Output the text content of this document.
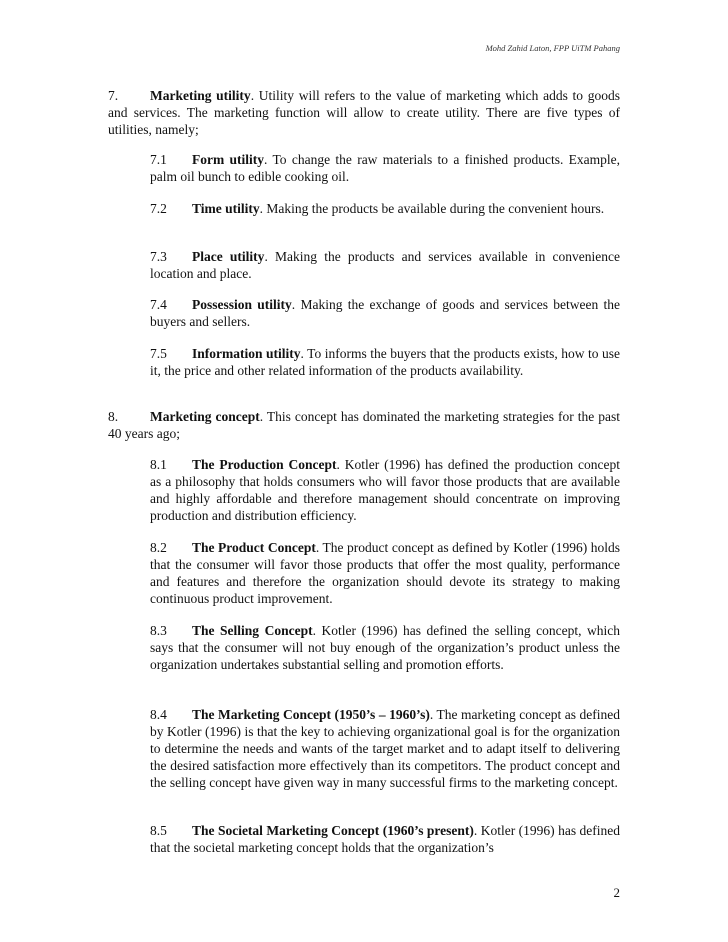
Mohd Zahid Laton, FPP UiTM Pahang
7. Marketing utility. Utility will refers to the value of marketing which adds to goods and services. The marketing function will allow to create utility. There are five types of utilities, namely;
7.1 Form utility. To change the raw materials to a finished products. Example, palm oil bunch to edible cooking oil.
7.2 Time utility. Making the products be available during the convenient hours.
7.3 Place utility. Making the products and services available in convenience location and place.
7.4 Possession utility. Making the exchange of goods and services between the buyers and sellers.
7.5 Information utility. To informs the buyers that the products exists, how to use it, the price and other related information of the products availability.
8. Marketing concept. This concept has dominated the marketing strategies for the past 40 years ago;
8.1 The Production Concept. Kotler (1996) has defined the production concept as a philosophy that holds consumers who will favor those products that are available and highly affordable and therefore management should concentrate on improving production and distribution efficiency.
8.2 The Product Concept. The product concept as defined by Kotler (1996) holds that the consumer will favor those products that offer the most quality, performance and features and therefore the organization should devote its strategy to making continuous product improvement.
8.3 The Selling Concept. Kotler (1996) has defined the selling concept, which says that the consumer will not buy enough of the organization’s product unless the organization undertakes substantial selling and promotion efforts.
8.4 The Marketing Concept (1950’s – 1960’s). The marketing concept as defined by Kotler (1996) is that the key to achieving organizational goal is for the organization to determine the needs and wants of the target market and to adapt itself to delivering the desired satisfaction more effectively than its competitors. The product concept and the selling concept have given way in many successful firms to the marketing concept.
8.5 The Societal Marketing Concept (1960’s present). Kotler (1996) has defined that the societal marketing concept holds that the organization’s
2
